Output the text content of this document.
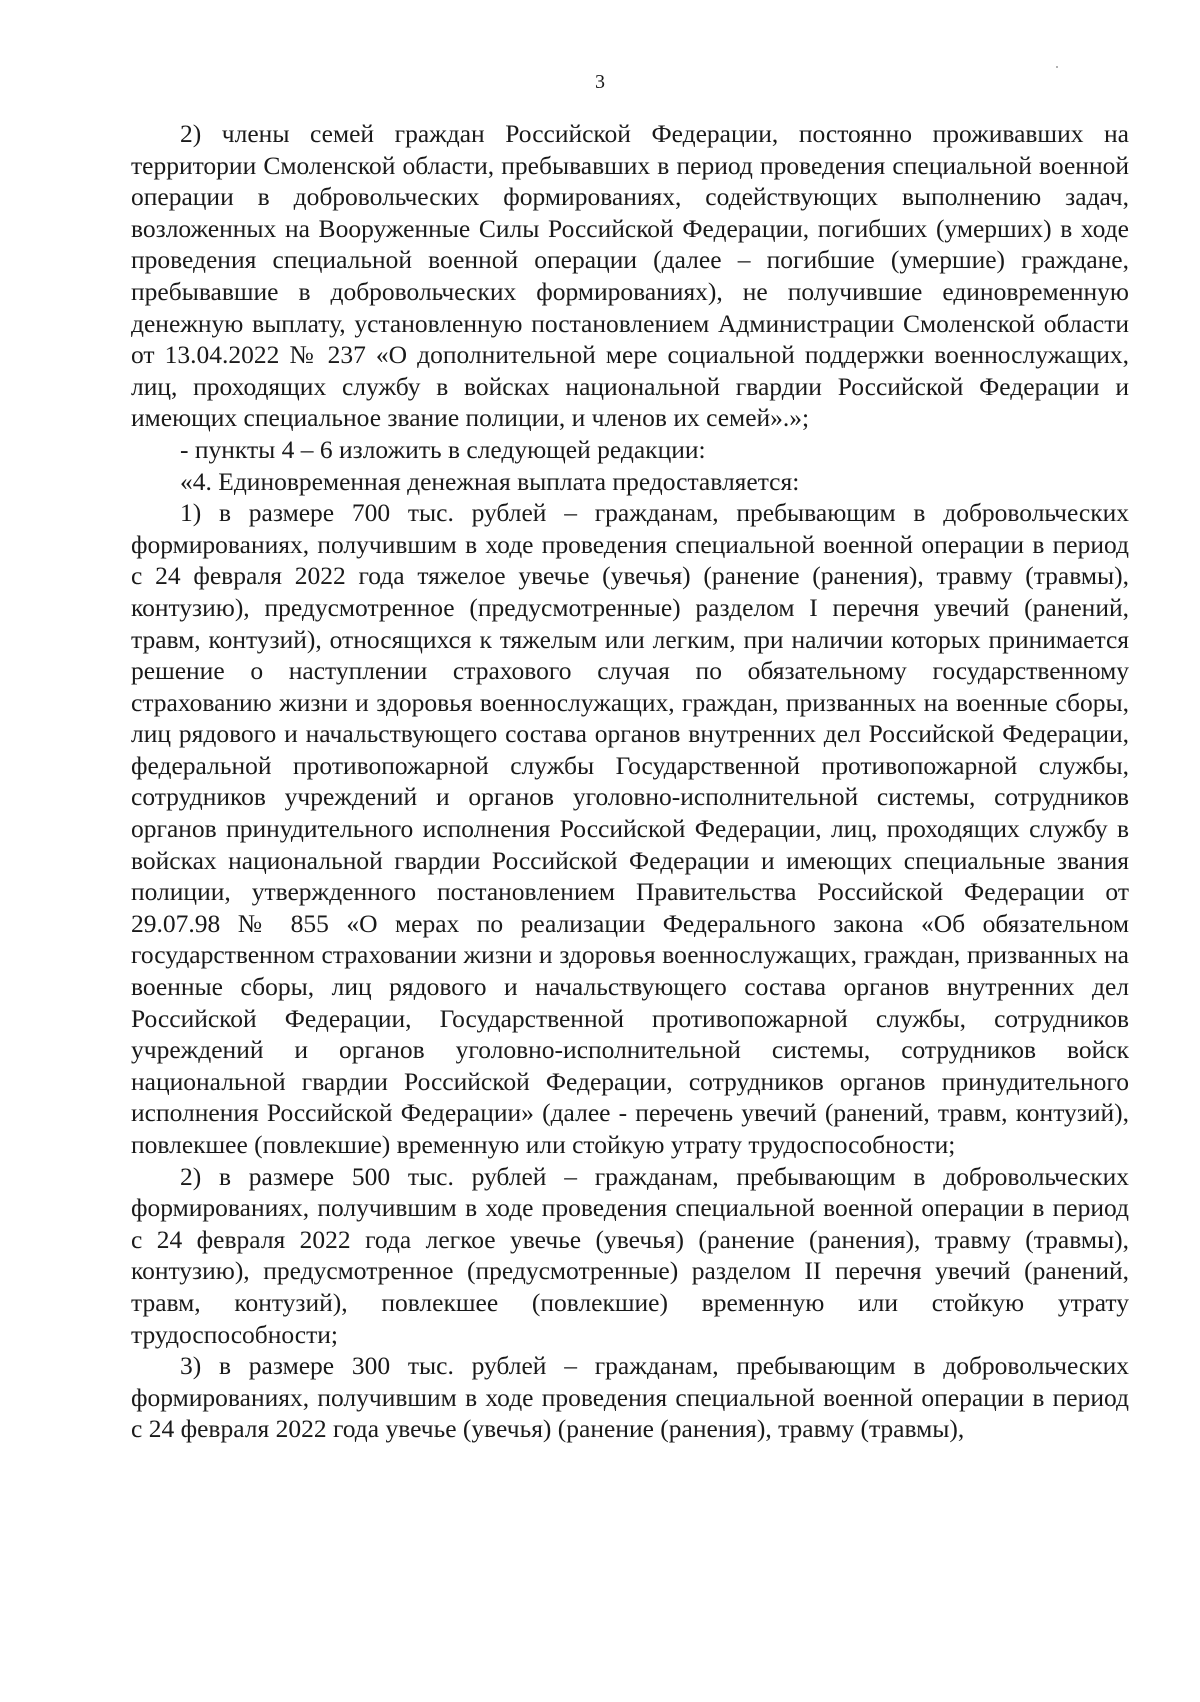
3

2) члены семей граждан Российской Федерации, постоянно проживавших на территории Смоленской области, пребывавших в период проведения специальной военной операции в добровольческих формированиях, содействующих выполнению задач, возложенных на Вооруженные Силы Российской Федерации, погибших (умерших) в ходе проведения специальной военной операции (далее – погибшие (умершие) граждане, пребывавшие в добровольческих формированиях), не получившие единовременную денежную выплату, установленную постановлением Администрации Смоленской области от 13.04.2022 № 237 «О дополнительной мере социальной поддержки военнослужащих, лиц, проходящих службу в войсках национальной гвардии Российской Федерации и имеющих специальное звание полиции, и членов их семей».»;

- пункты 4 – 6 изложить в следующей редакции:

«4. Единовременная денежная выплата предоставляется:

1) в размере 700 тыс. рублей – гражданам, пребывающим в добровольческих формированиях, получившим в ходе проведения специальной военной операции в период с 24 февраля 2022 года тяжелое увечье (увечья) (ранение (ранения), травму (травмы), контузию), предусмотренное (предусмотренные) разделом I перечня увечий (ранений, травм, контузий), относящихся к тяжелым или легким, при наличии которых принимается решение о наступлении страхового случая по обязательному государственному страхованию жизни и здоровья военнослужащих, граждан, призванных на военные сборы, лиц рядового и начальствующего состава органов внутренних дел Российской Федерации, федеральной противопожарной службы Государственной противопожарной службы, сотрудников учреждений и органов уголовно-исполнительной системы, сотрудников органов принудительного исполнения Российской Федерации, лиц, проходящих службу в войсках национальной гвардии Российской Федерации и имеющих специальные звания полиции, утвержденного постановлением Правительства Российской Федерации от 29.07.98 № 855 «О мерах по реализации Федерального закона «Об обязательном государственном страховании жизни и здоровья военнослужащих, граждан, призванных на военные сборы, лиц рядового и начальствующего состава органов внутренних дел Российской Федерации, Государственной противопожарной службы, сотрудников учреждений и органов уголовно-исполнительной системы, сотрудников войск национальной гвардии Российской Федерации, сотрудников органов принудительного исполнения Российской Федерации» (далее - перечень увечий (ранений, травм, контузий), повлекшее (повлекшие) временную или стойкую утрату трудоспособности;

2) в размере 500 тыс. рублей – гражданам, пребывающим в добровольческих формированиях, получившим в ходе проведения специальной военной операции в период с 24 февраля 2022 года легкое увечье (увечья) (ранение (ранения), травму (травмы), контузию), предусмотренное (предусмотренные) разделом II перечня увечий (ранений, травм, контузий), повлекшее (повлекшие) временную или стойкую утрату трудоспособности;

3) в размере 300 тыс. рублей – гражданам, пребывающим в добровольческих формированиях, получившим в ходе проведения специальной военной операции в период с 24 февраля 2022 года увечье (увечья) (ранение (ранения), травму (травмы),
